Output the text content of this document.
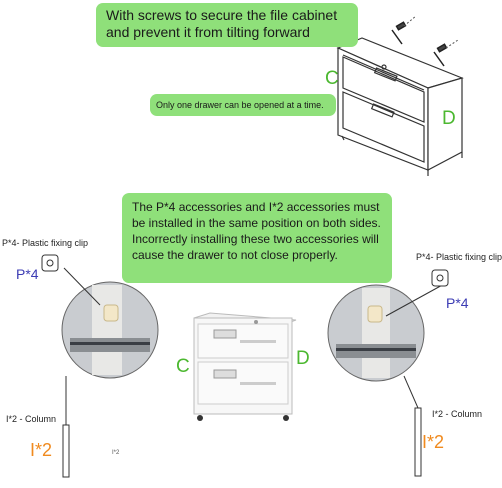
With screws to secure the file cabinet and prevent it from tilting forward
Only one drawer can be opened at a time.
The P*4 accessories and I*2 accessories must be installed in the same position on both sides. Incorrectly installing these two accessories will cause the drawer to not close properly.
C
D
C	D
P*4- Plastic fixing clip
P*4
I*2 - Column
I*2	I*2
P*4- Plastic fixing clip
P*4
I*2 - Column
I*2
